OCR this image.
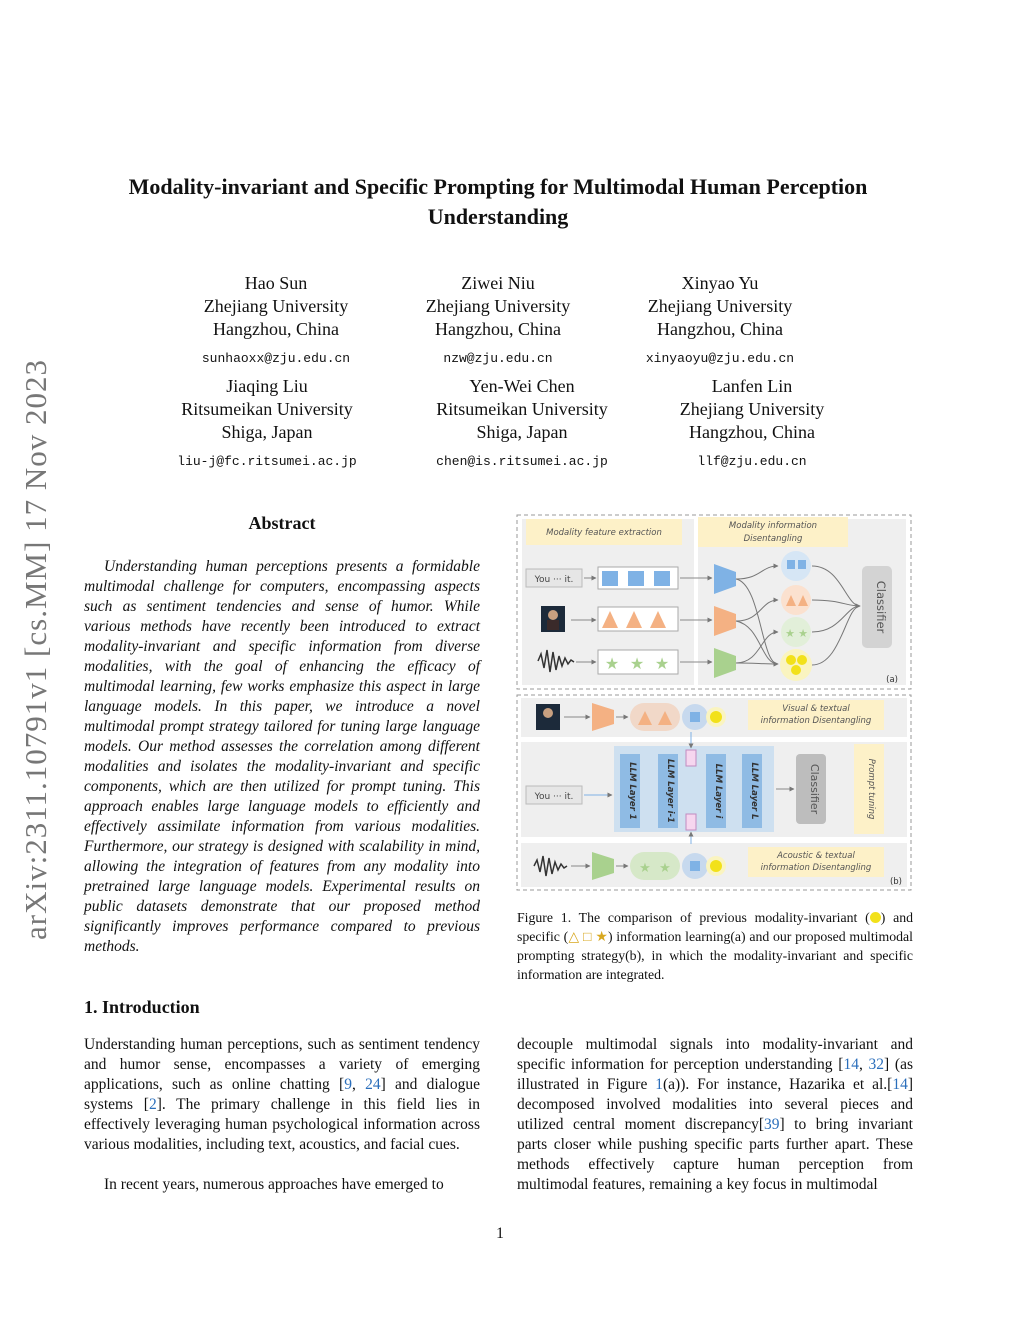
Modality-invariant and Specific Prompting for Multimodal Human Perception Understanding
arXiv:2311.10791v1 [cs.MM] 17 Nov 2023
Hao Sun
Zhejiang University
Hangzhou, China
sunhaoxx@zju.edu.cn
Ziwei Niu
Zhejiang University
Hangzhou, China
nzw@zju.edu.cn
Xinyao Yu
Zhejiang University
Hangzhou, China
xinyaoyu@zju.edu.cn
Jiaqing Liu
Ritsumeikan University
Shiga, Japan
liu-j@fc.ritsumei.ac.jp
Yen-Wei Chen
Ritsumeikan University
Shiga, Japan
chen@is.ritsumei.ac.jp
Lanfen Lin
Zhejiang University
Hangzhou, China
llf@zju.edu.cn
Abstract
Understanding human perceptions presents a formidable multimodal challenge for computers, encompassing aspects such as sentiment tendencies and sense of humor. While various methods have recently been introduced to extract modality-invariant and specific information from diverse modalities, with the goal of enhancing the efficacy of multimodal learning, few works emphasize this aspect in large language models. In this paper, we introduce a novel multimodal prompt strategy tailored for tuning large language models. Our method assesses the correlation among different modalities and isolates the modality-invariant and specific components, which are then utilized for prompt tuning. This approach enables large language models to efficiently and effectively assimilate information from various modalities. Furthermore, our strategy is designed with scalability in mind, allowing the integration of features from any modality into pretrained large language models. Experimental results on public datasets demonstrate that our proposed method significantly improves performance compared to previous methods.
1. Introduction
Understanding human perceptions, such as sentiment tendency and humor sense, encompasses a variety of emerging applications, such as online chatting [9, 24] and dialogue systems [2]. The primary challenge in this field lies in effectively leveraging human psychological information across various modalities, including text, acoustics, and facial cues.
In recent years, numerous approaches have emerged to
decouple multimodal signals into modality-invariant and specific information for perception understanding [14, 32] (as illustrated in Figure 1(a)). For instance, Hazarika et al.[14] decomposed involved modalities into several pieces and utilized central moment discrepancy[39] to bring invariant parts closer while pushing specific parts further apart. These methods effectively capture human perception from multimodal features, remaining a key focus in multimodal
Modality feature extraction
Modality information
Disentangling
You ··· it.
★ ★ ★
★ ★
Classifier
(a)
Visual & textual
information Disentangling
You ··· it.	LLM Layer 1	LLM Layer i-1	LLM Layer i	LLM Layer L	Classifier	Prompt tuning
★ ★
Acoustic & textual
information Disentangling
(b)
Figure 1. The comparison of previous modality-invariant ( ) and specific (△ □ ★) information learning(a) and our proposed multimodal prompting strategy(b), in which the modality-invariant and specific information are integrated.
1
